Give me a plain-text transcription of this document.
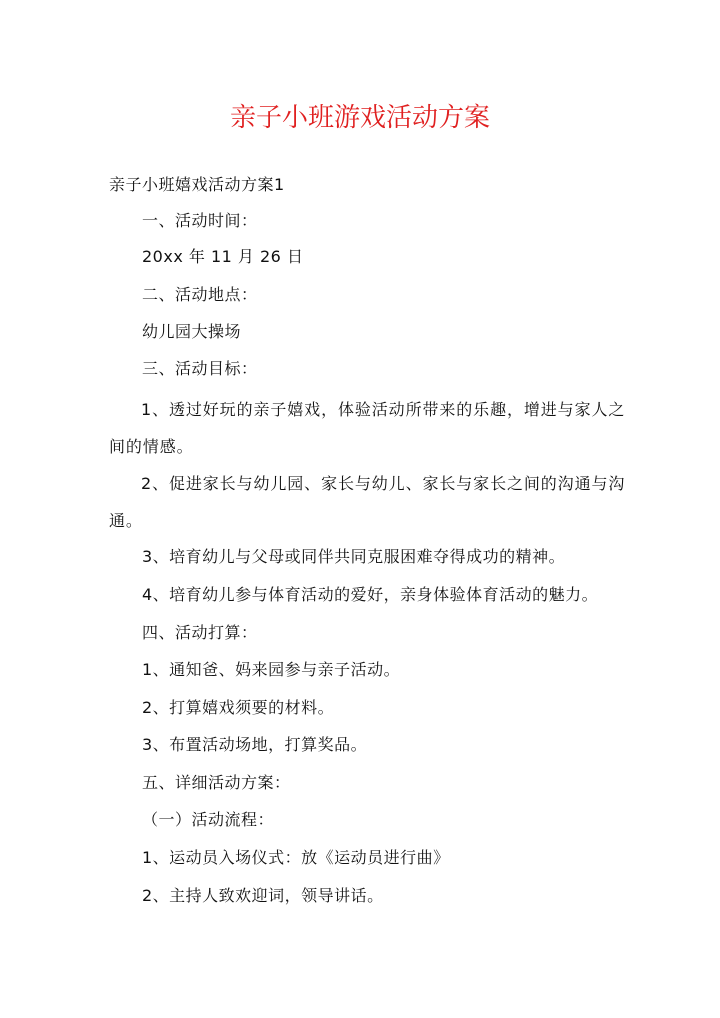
亲子小班游戏活动方案
亲子小班嬉戏活动方案1
一、活动时间：
20xx 年 11 月 26 日
二、活动地点：
幼儿园大操场
三、活动目标：
1、透过好玩的亲子嬉戏，体验活动所带来的乐趣，增进与家人之间的情感。
2、促进家长与幼儿园、家长与幼儿、家长与家长之间的沟通与沟通。
3、培育幼儿与父母或同伴共同克服困难夺得成功的精神。
4、培育幼儿参与体育活动的爱好，亲身体验体育活动的魅力。
四、活动打算：
1、通知爸、妈来园参与亲子活动。
2、打算嬉戏须要的材料。
3、布置活动场地，打算奖品。
五、详细活动方案：
（一）活动流程：
1、运动员入场仪式：放《运动员进行曲》
2、主持人致欢迎词，领导讲话。
